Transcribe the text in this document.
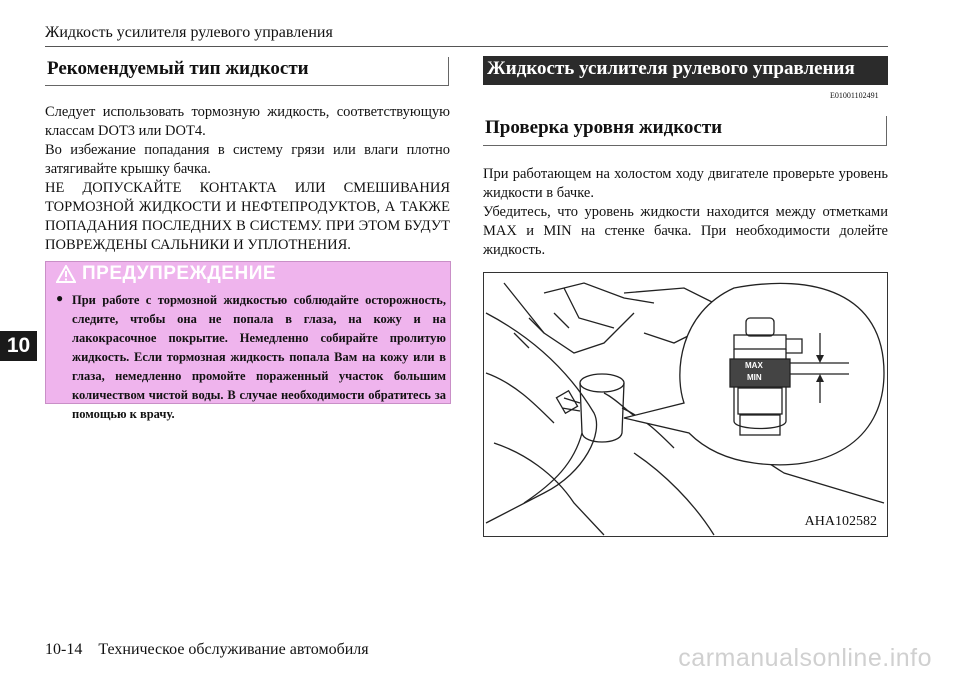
Жидкость усилителя рулевого управления
10
Рекомендуемый тип жидкости
Следует использовать тормозную жидкость, соответствующую классам DOT3 или DOT4.
Во избежание попадания в систему грязи или влаги плотно затягивайте крышку бачка.
НЕ ДОПУСКАЙТЕ КОНТАКТА ИЛИ СМЕШИВАНИЯ ТОРМОЗНОЙ ЖИДКОСТИ И НЕФТЕПРОДУКТОВ, А ТАКЖЕ ПОПАДАНИЯ ПОСЛЕДНИХ В СИСТЕМУ. ПРИ ЭТОМ БУДУТ ПОВРЕЖДЕНЫ САЛЬНИКИ И УПЛОТНЕНИЯ.
ПРЕДУПРЕЖДЕНИЕ
● При работе с тормозной жидкостью соблюдайте осторожность, следите, чтобы она не попала в глаза, на кожу и на лакокрасочное покрытие. Немедленно собирайте пролитую жидкость. Если тормозная жидкость попала Вам на кожу или в глаза, немедленно промойте пораженный участок большим количеством чистой воды. В случае необходимости обратитесь за помощью к врачу.
Жидкость усилителя рулевого управления
E01001102491
Проверка уровня жидкости
При работающем на холостом ходу двигателе проверьте уровень жидкости в бачке.
Убедитесь, что уровень жидкости находится между отметками MAX и MIN на стенке бачка. При необходимости долейте жидкость.
MAX
MIN
AHA102582
10-14    Техническое обслуживание автомобиля	carmanualsonline.info
